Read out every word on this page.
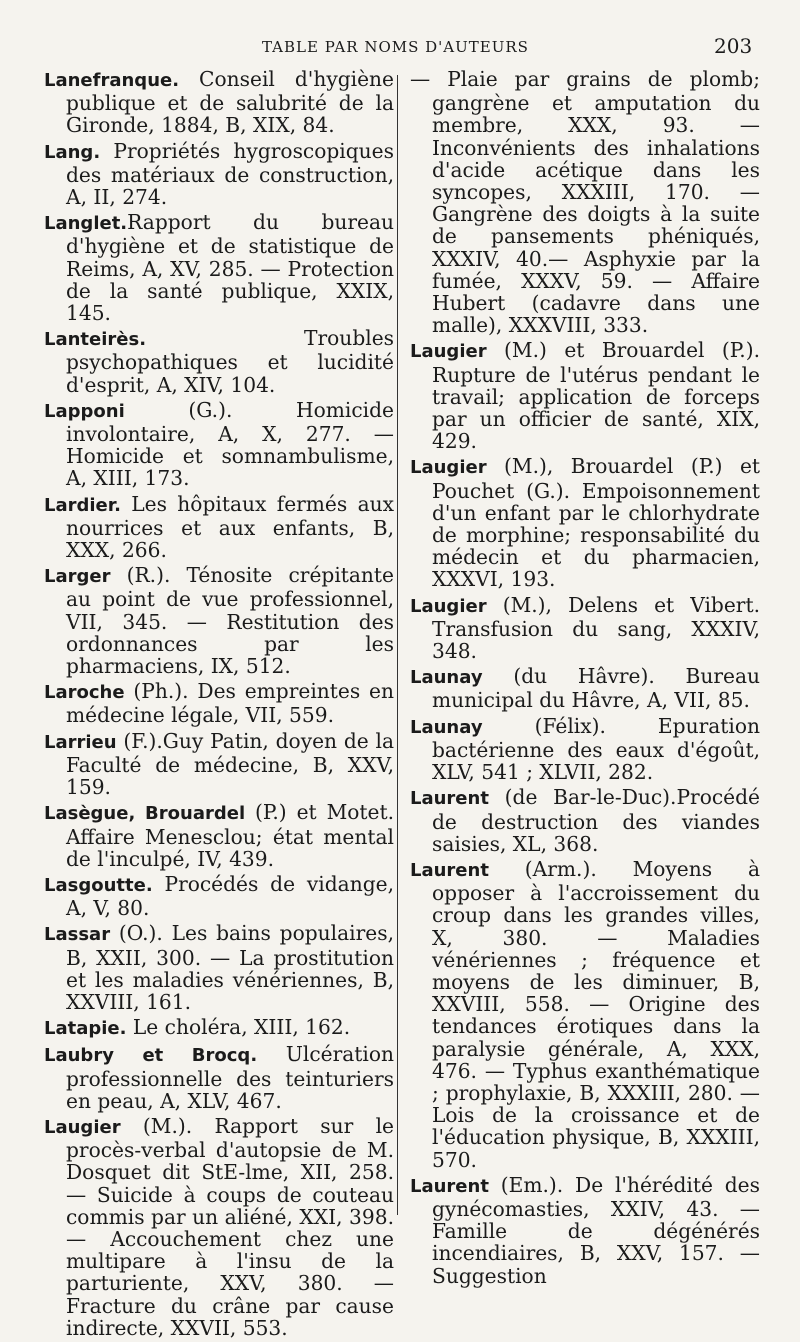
TABLE PAR NOMS D'AUTEURS	203

Lanefranque. Conseil d'hygiène publique et de salubrité de la Gironde, 1884, B, XIX, 84.

Lang. Propriétés hygroscopiques des matériaux de construction, A, II, 274.

Langlet.Rapport du bureau d'hygiène et de statistique de Reims, A, XV, 285. — Protection de la santé publique, XXIX, 145.

Lanteirès. Troubles psychopathiques et lucidité d'esprit, A, XIV, 104.

Lapponi (G.). Homicide involontaire, A, X, 277. — Homicide et somnambulisme, A, XIII, 173.

Lardier. Les hôpitaux fermés aux nourrices et aux enfants, B, XXX, 266.

Larger (R.). Ténosite crépitante au point de vue professionnel, VII, 345. — Restitution des ordonnances par les pharmaciens, IX, 512.

Laroche (Ph.). Des empreintes en médecine légale, VII, 559.

Larrieu (F.).Guy Patin, doyen de la Faculté de médecine, B, XXV, 159.

Lasègue, Brouardel (P.) et Motet. Affaire Menesclou; état mental de l'inculpé, IV, 439.

Lasgoutte. Procédés de vidange, A, V, 80.

Lassar (O.). Les bains populaires, B, XXII, 300. — La prostitution et les maladies vénériennes, B, XXVIII, 161.

Latapie. Le choléra, XIII, 162.

Laubry et Brocq. Ulcération professionnelle des teinturiers en peau, A, XLV, 467.

Laugier (M.). Rapport sur le procès-verbal d'autopsie de M. Dosquet dit StE-lme, XII, 258. — Suicide à coups de couteau commis par un aliéné, XXI, 398. — Accouchement chez une multipare à l'insu de la parturiente, XXV, 380. — Fracture du crâne par cause indirecte, XXVII, 553.

— Plaie par grains de plomb; gangrène et amputation du membre, XXX, 93. — Inconvénients des inhalations d'acide acétique dans les syncopes, XXXIII, 170. — Gangrène des doigts à la suite de pansements phéniqués, XXXIV, 40.— Asphyxie par la fumée, XXXV, 59. — Affaire Hubert (cadavre dans une malle), XXXVIII, 333.

Laugier (M.) et Brouardel (P.). Rupture de l'utérus pendant le travail; application de forceps par un officier de santé, XIX, 429.

Laugier (M.), Brouardel (P.) et Pouchet (G.). Empoisonnement d'un enfant par le chlorhydrate de morphine; responsabilité du médecin et du pharmacien, XXXVI, 193.

Laugier (M.), Delens et Vibert. Transfusion du sang, XXXIV, 348.

Launay (du Hâvre). Bureau municipal du Hâvre, A, VII, 85.

Launay (Félix). Epuration bactérienne des eaux d'égoût, XLV, 541 ; XLVII, 282.

Laurent (de Bar-le-Duc).Procédé de destruction des viandes saisies, XL, 368.

Laurent (Arm.). Moyens à opposer à l'accroissement du croup dans les grandes villes, X, 380. — Maladies vénériennes ; fréquence et moyens de les diminuer, B, XXVIII, 558. — Origine des tendances érotiques dans la paralysie générale, A, XXX, 476. — Typhus exanthématique ; prophylaxie, B, XXXIII, 280. — Lois de la croissance et de l'éducation physique, B, XXXIII, 570.

Laurent (Em.). De l'hérédité des gynécomasties, XXIV, 43. — Famille de dégénérés incendiaires, B, XXV, 157. — Suggestion
